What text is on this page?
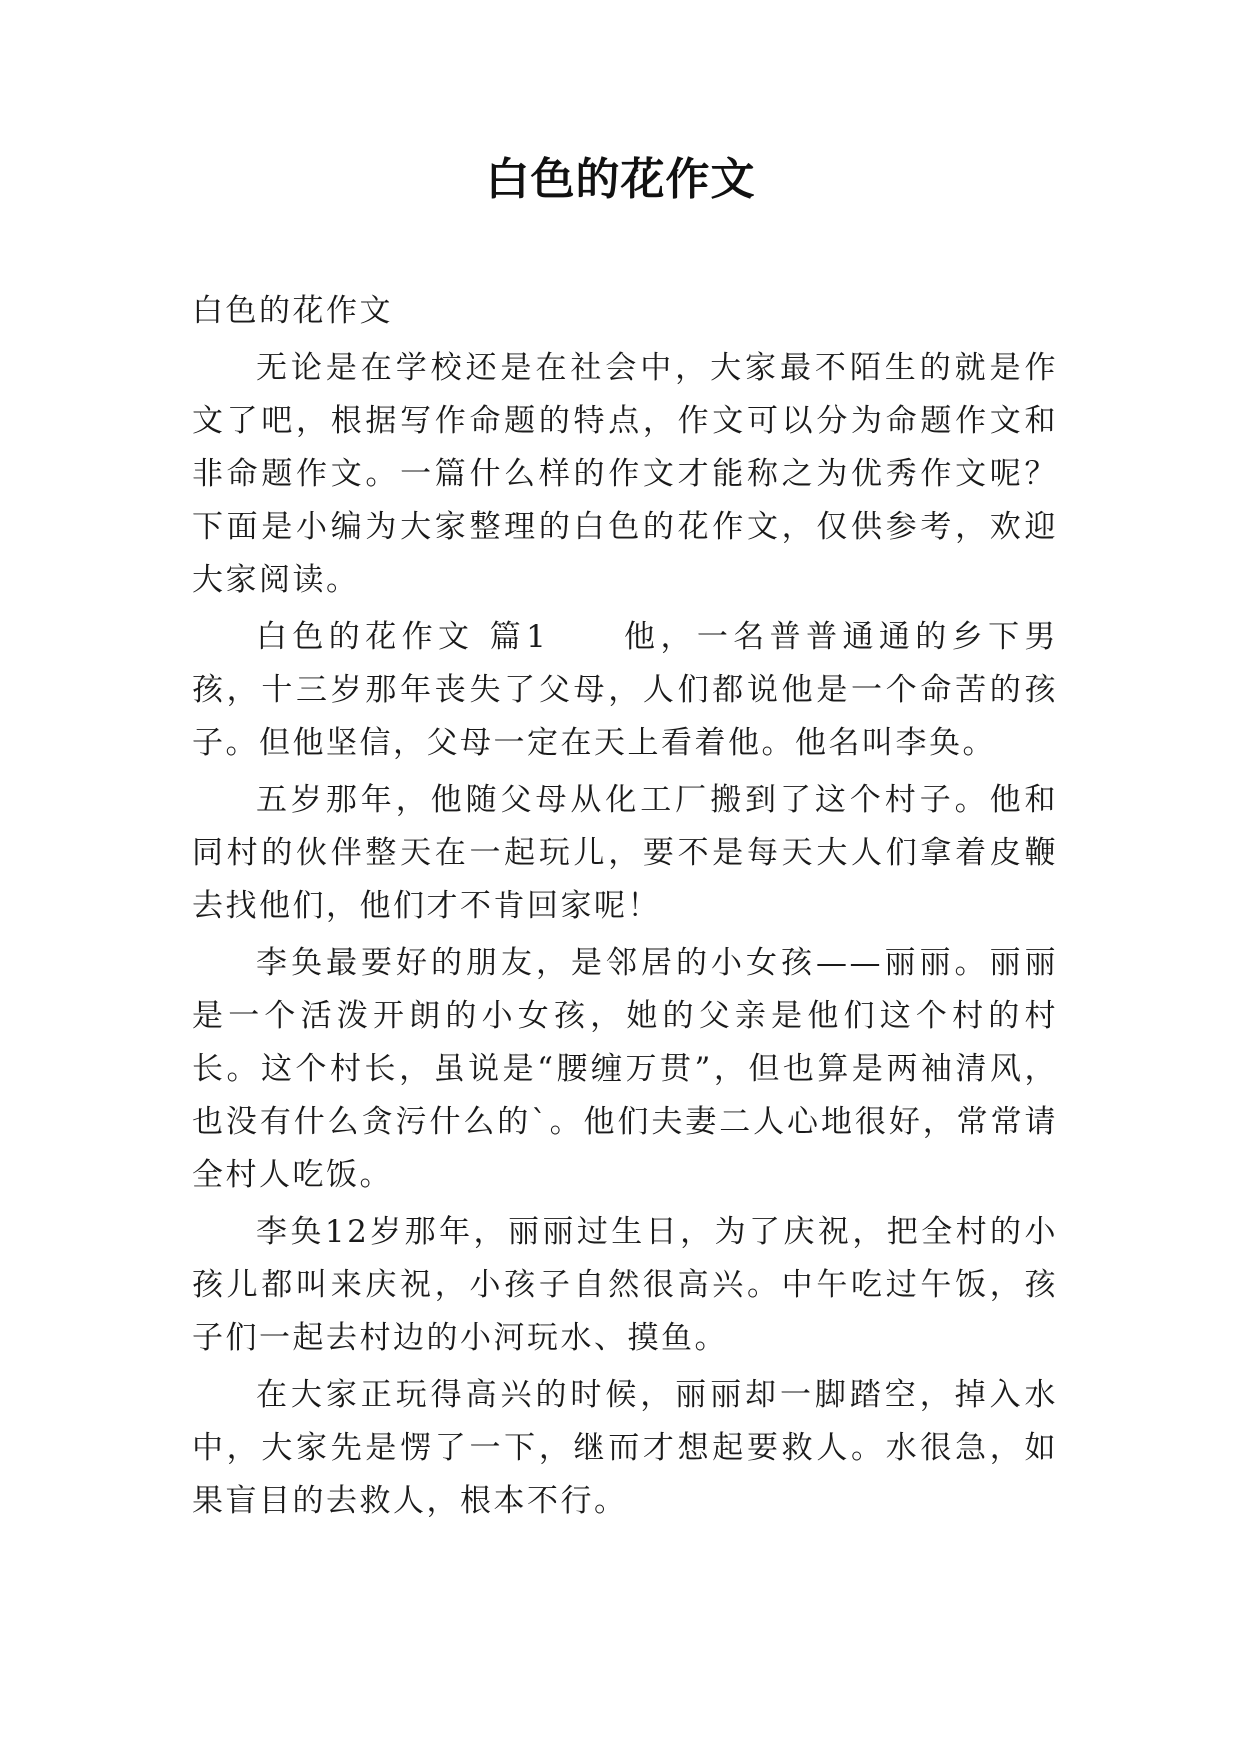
白色的花作文

白色的花作文

无论是在学校还是在社会中，大家最不陌生的就是作文了吧，根据写作命题的特点，作文可以分为命题作文和非命题作文。一篇什么样的作文才能称之为优秀作文呢？下面是小编为大家整理的白色的花作文，仅供参考，欢迎大家阅读。

白色的花作文 篇1　　他，一名普普通通的乡下男孩，十三岁那年丧失了父母，人们都说他是一个命苦的孩子。但他坚信，父母一定在天上看着他。他名叫李奂。

五岁那年，他随父母从化工厂搬到了这个村子。他和同村的伙伴整天在一起玩儿，要不是每天大人们拿着皮鞭去找他们，他们才不肯回家呢！

李奂最要好的朋友，是邻居的小女孩——丽丽。丽丽是一个活泼开朗的小女孩，她的父亲是他们这个村的村长。这个村长，虽说是“腰缠万贯”，但也算是两袖清风，也没有什么贪污什么的`。他们夫妻二人心地很好，常常请全村人吃饭。

李奂12岁那年，丽丽过生日，为了庆祝，把全村的小孩儿都叫来庆祝，小孩子自然很高兴。中午吃过午饭，孩子们一起去村边的小河玩水、摸鱼。

在大家正玩得高兴的时候，丽丽却一脚踏空，掉入水中，大家先是愣了一下，继而才想起要救人。水很急，如果盲目的去救人，根本不行。
